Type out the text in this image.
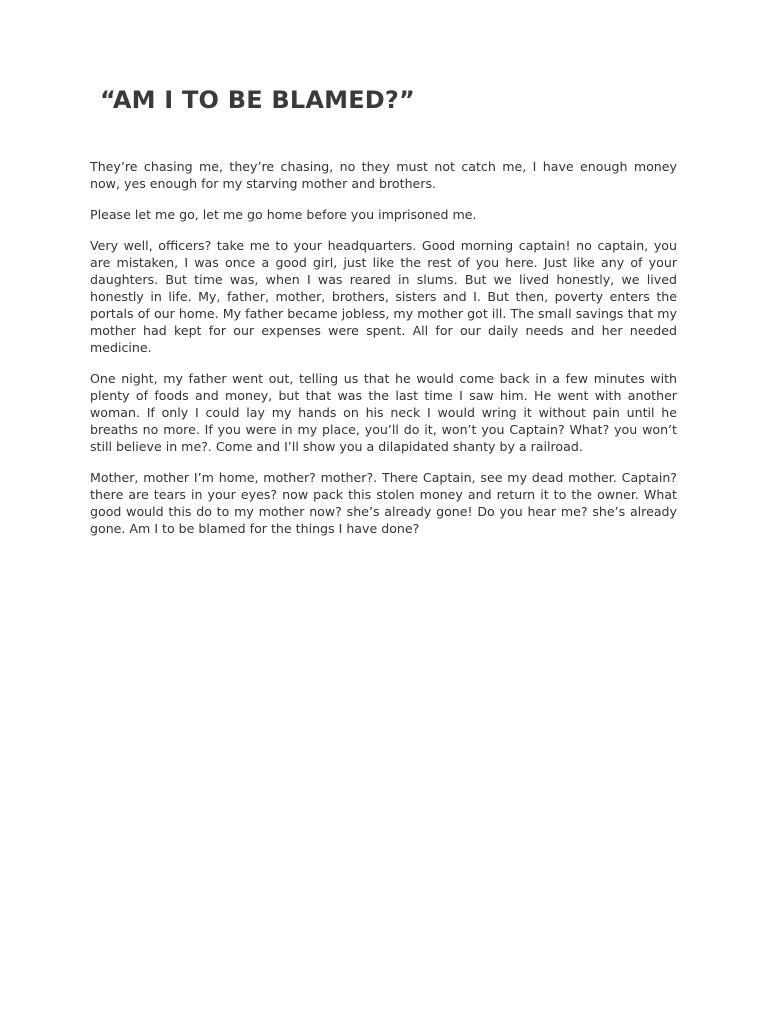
“AM I TO BE BLAMED?”

They’re chasing me, they’re chasing, no they must not catch me, I have enough money now, yes enough for my starving mother and brothers.

Please let me go, let me go home before you imprisoned me.

Very well, officers? take me to your headquarters. Good morning captain! no captain, you are mistaken, I was once a good girl, just like the rest of you here. Just like any of your daughters. But time was, when I was reared in slums. But we lived honestly, we lived honestly in life. My, father, mother, brothers, sisters and I. But then, poverty enters the portals of our home. My father became jobless, my mother got ill. The small savings that my mother had kept for our expenses were spent. All for our daily needs and her needed medicine.

One night, my father went out, telling us that he would come back in a few minutes with plenty of foods and money, but that was the last time I saw him. He went with another woman. If only I could lay my hands on his neck I would wring it without pain until he breaths no more. If you were in my place, you’ll do it, won’t you Captain? What? you won’t still believe in me?. Come and I’ll show you a dilapidated shanty by a railroad.

Mother, mother I’m home, mother? mother?. There Captain, see my dead mother. Captain? there are tears in your eyes? now pack this stolen money and return it to the owner. What good would this do to my mother now? she’s already gone! Do you hear me? she’s already gone. Am I to be blamed for the things I have done?
